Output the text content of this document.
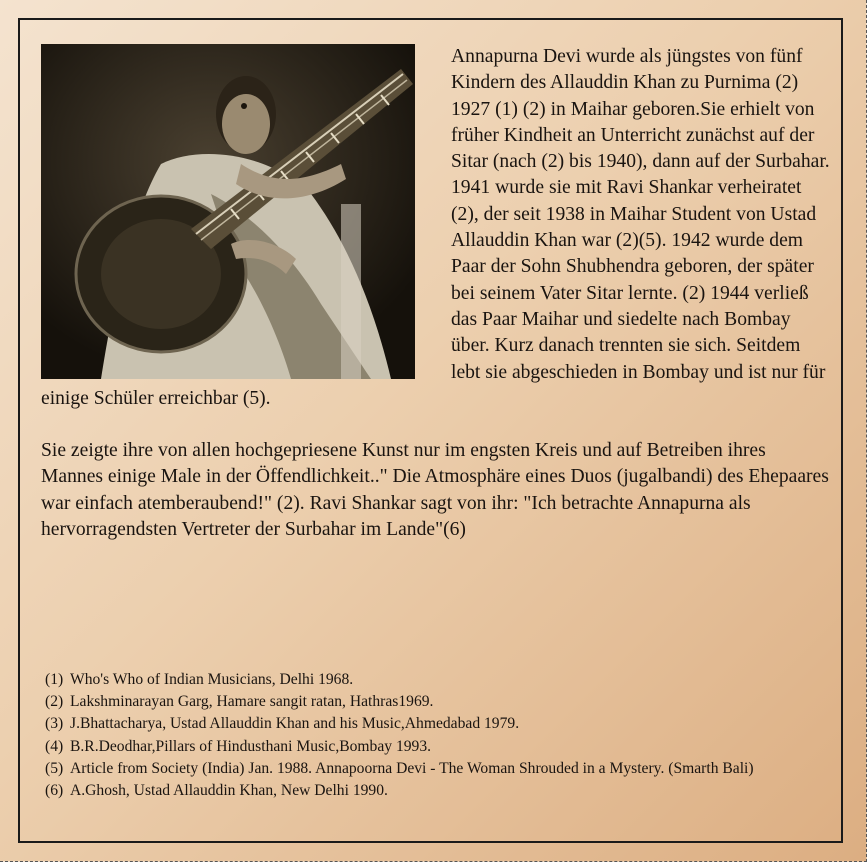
Annapurna Devi wurde als jüngstes von fünf Kindern des Allauddin Khan zu Purnima (2) 1927 (1) (2) in Maihar geboren.Sie erhielt von früher Kindheit an Unterricht zunächst auf der Sitar (nach (2) bis 1940), dann auf der Surbahar. 1941 wurde sie mit Ravi Shankar verheiratet (2), der seit 1938 in Maihar Student von Ustad Allauddin Khan war (2)(5). 1942 wurde dem Paar der Sohn Shubhendra geboren, der später bei seinem Vater Sitar lernte. (2) 1944 verließ das Paar Maihar und siedelte nach Bombay über. Kurz danach trennten sie sich. Seitdem lebt sie abgeschieden in Bombay und ist nur für einige Schüler erreichbar (5).

Sie zeigte ihre von allen hochgepriesene Kunst nur im engsten Kreis und auf Betreiben ihres Mannes einige Male in der Öffendlichkeit.." Die Atmosphäre eines Duos (jugalbandi) des Ehepaares war einfach atemberaubend!" (2). Ravi Shankar sagt von ihr: "Ich betrachte Annapurna als hervorragendsten Vertreter der Surbahar im Lande"(6)

(1) Who's Who of Indian Musicians, Delhi 1968.
(2) Lakshminarayan Garg, Hamare sangit ratan, Hathras1969.
(3) J.Bhattacharya, Ustad Allauddin Khan and his Music,Ahmedabad 1979.
(4) B.R.Deodhar,Pillars of Hindusthani Music,Bombay 1993.
(5) Article from Society (India) Jan. 1988. Annapoorna Devi - The Woman Shrouded in a Mystery. (Smarth Bali)
(6) A.Ghosh, Ustad Allauddin Khan, New Delhi 1990.
